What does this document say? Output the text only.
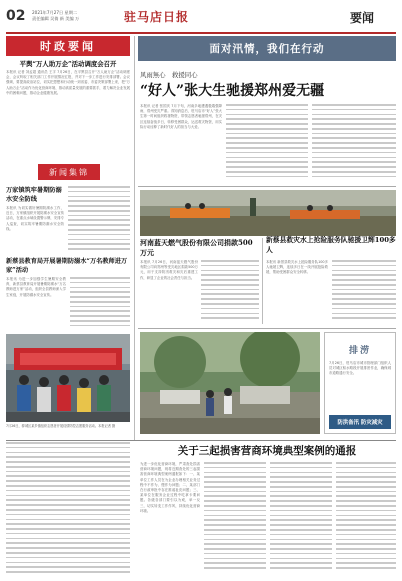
02 2021年7月27日 星期二
责任编辑 吴倩 新 美编 万	驻马店日报	要闻
时政要闻
平舆“万人助万企”活动调度会召开
本报讯 记者 刘孟超 通讯员 王宇 7月26日，在平舆县召开“万人助万企”活动调度会，会议听取了相关部门工作开展情况汇报，并对下一步工作进行安排部署。会议强调，要提高政治站位，切实把思想和行动统一到省委、市委决策部署上来，把“万人助万企”活动作为优化营商环境、推动高质量发展的重要抓手，着力解决企业发展中的困难问题，推动企业健康发展。
新闻集锦
万家镇筑牢暑期防溺水安全防线
本报讯 为切实做好暑期防溺水工作，近日，万家镇组织开展防溺水安全宣传活动，在重点水域设置警示牌，安排专人巡查，切实筑牢暑期防溺水安全防线。
新蔡县教育局开展暑期防溺水“万名教师进万家”活动
本报讯 为进一步加强学生暑期安全教育，新蔡县教育局开展暑期防溺水“万名教师进万家”活动，组织全县教师深入学生家庭，开展防溺水安全宣传。
7月26日，驿城区某乡镇组织志愿者开展疫情防控志愿服务活动。本报记者 摄
面对汛情，我们在行动
风雨無心　救援同心
“好人”张大生驰援郑州爱无疆
本报讯 记者 张国庆 7月下旬，河南多地遭遇极端强降雨，郑州受灾严重。得知消息后，驻马店市“好人”张大生第一时间组织救援物资，带领志愿者驰援郑州，在灾区连续奋战多日，转移受困群众，运送救灾物资，用实际行动诠释了新时代好人的担当与大爱。
河南蓝天燃气股份有限公司捐款500万元
本报讯 7月26日，河南蓝天燃气股份有限公司向郑州等受灾地区捐款500万元，用于支持防汛救灾和灾后重建工作，彰显了企业的社会责任与担当。
新蔡县救灾水上抢险服务队驰援卫辉100多人
本报讯 新蔡县救灾水上抢险服务队100多人驰援卫辉，连续多日在一线开展抢险救援，帮助受困群众安全转移。
排涝
7月26日，驻马店市城市管理部门组织人员对城区积水路段开展排涝作业，确保城市道路通行安全。
防洪备汛 防灾减灾
关于三起损害营商环境典型案例的通报
为进一步优化营商环境，严肃查处损害营商环境问题，现将近期查处的三起损害营商环境典型案例通报如下：一、某单位工作人员在为企业办理相关业务过程中不作为、慢作为问题；二、某部门在行政审批中存在推诿扯皮问题；三、某单位在服务企业过程中吃拿卡要问题。各级各部门要引以为戒，举一反三，切实转变工作作风，持续优化营商环境。
